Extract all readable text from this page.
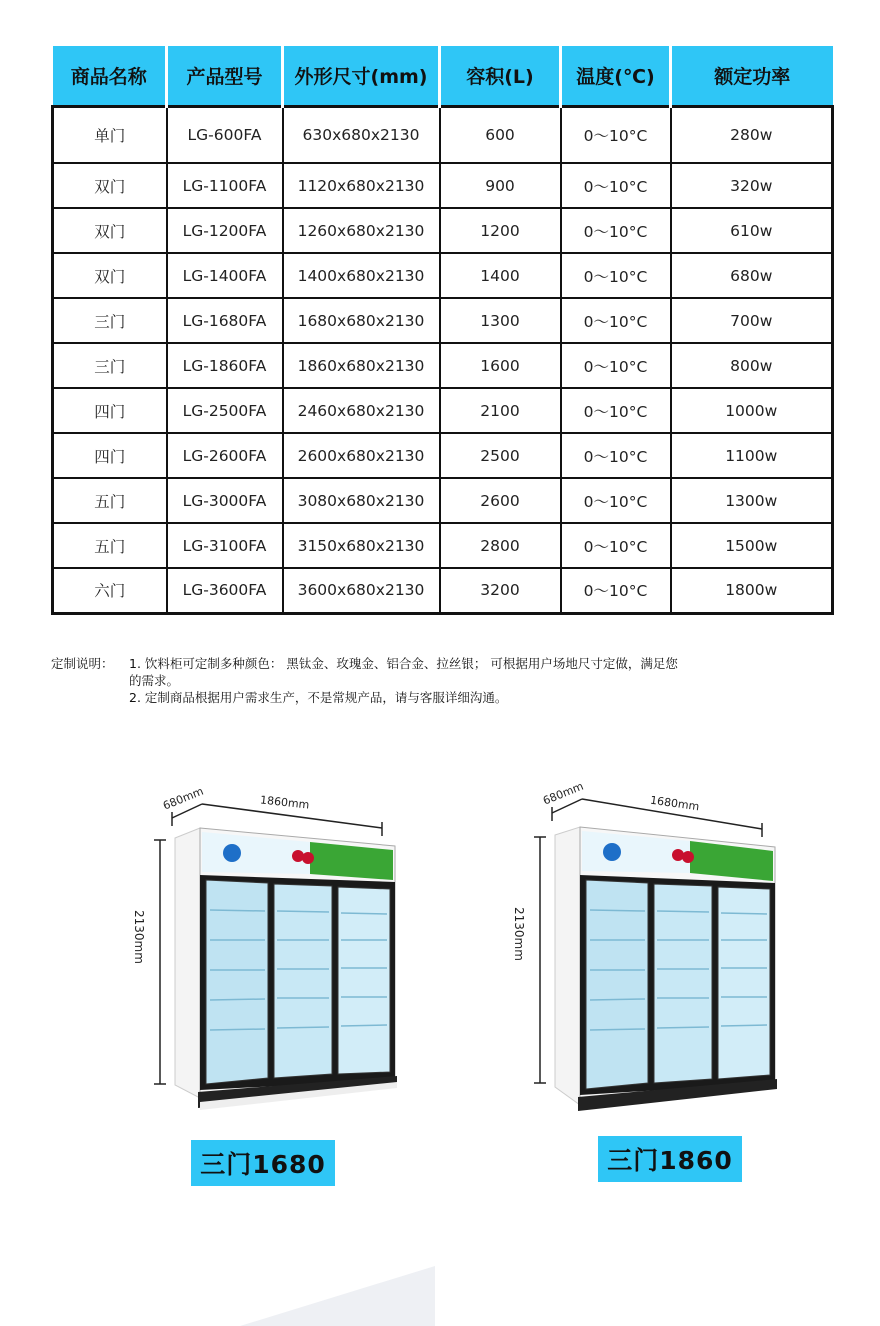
商品名称	产品型号	外形尺寸(mm)	容积(L)	温度(℃)	额定功率
单门	LG-600FA	630x680x2130	600	0～10°C	280w
双门	LG-1100FA	1120x680x2130	900	0～10°C	320w
双门	LG-1200FA	1260x680x2130	1200	0～10°C	610w
双门	LG-1400FA	1400x680x2130	1400	0～10°C	680w
三门	LG-1680FA	1680x680x2130	1300	0～10°C	700w
三门	LG-1860FA	1860x680x2130	1600	0～10°C	800w
四门	LG-2500FA	2460x680x2130	2100	0～10°C	1000w
四门	LG-2600FA	2600x680x2130	2500	0～10°C	1100w
五门	LG-3000FA	3080x680x2130	2600	0～10°C	1300w
五门	LG-3100FA	3150x680x2130	2800	0～10°C	1500w
六门	LG-3600FA	3600x680x2130	3200	0～10°C	1800w
定制说明：	1. 饮料柜可定制多种颜色： 黑钛金、玫瑰金、铝合金、拉丝银； 可根据用户场地尺寸定做，满足您
的需求。
2. 定制商品根据用户需求生产，不是常规产品，请与客服详细沟通。
680mm	1860mm
2130mm
三门1680
680mm	1680mm
2130mm
三门1860
